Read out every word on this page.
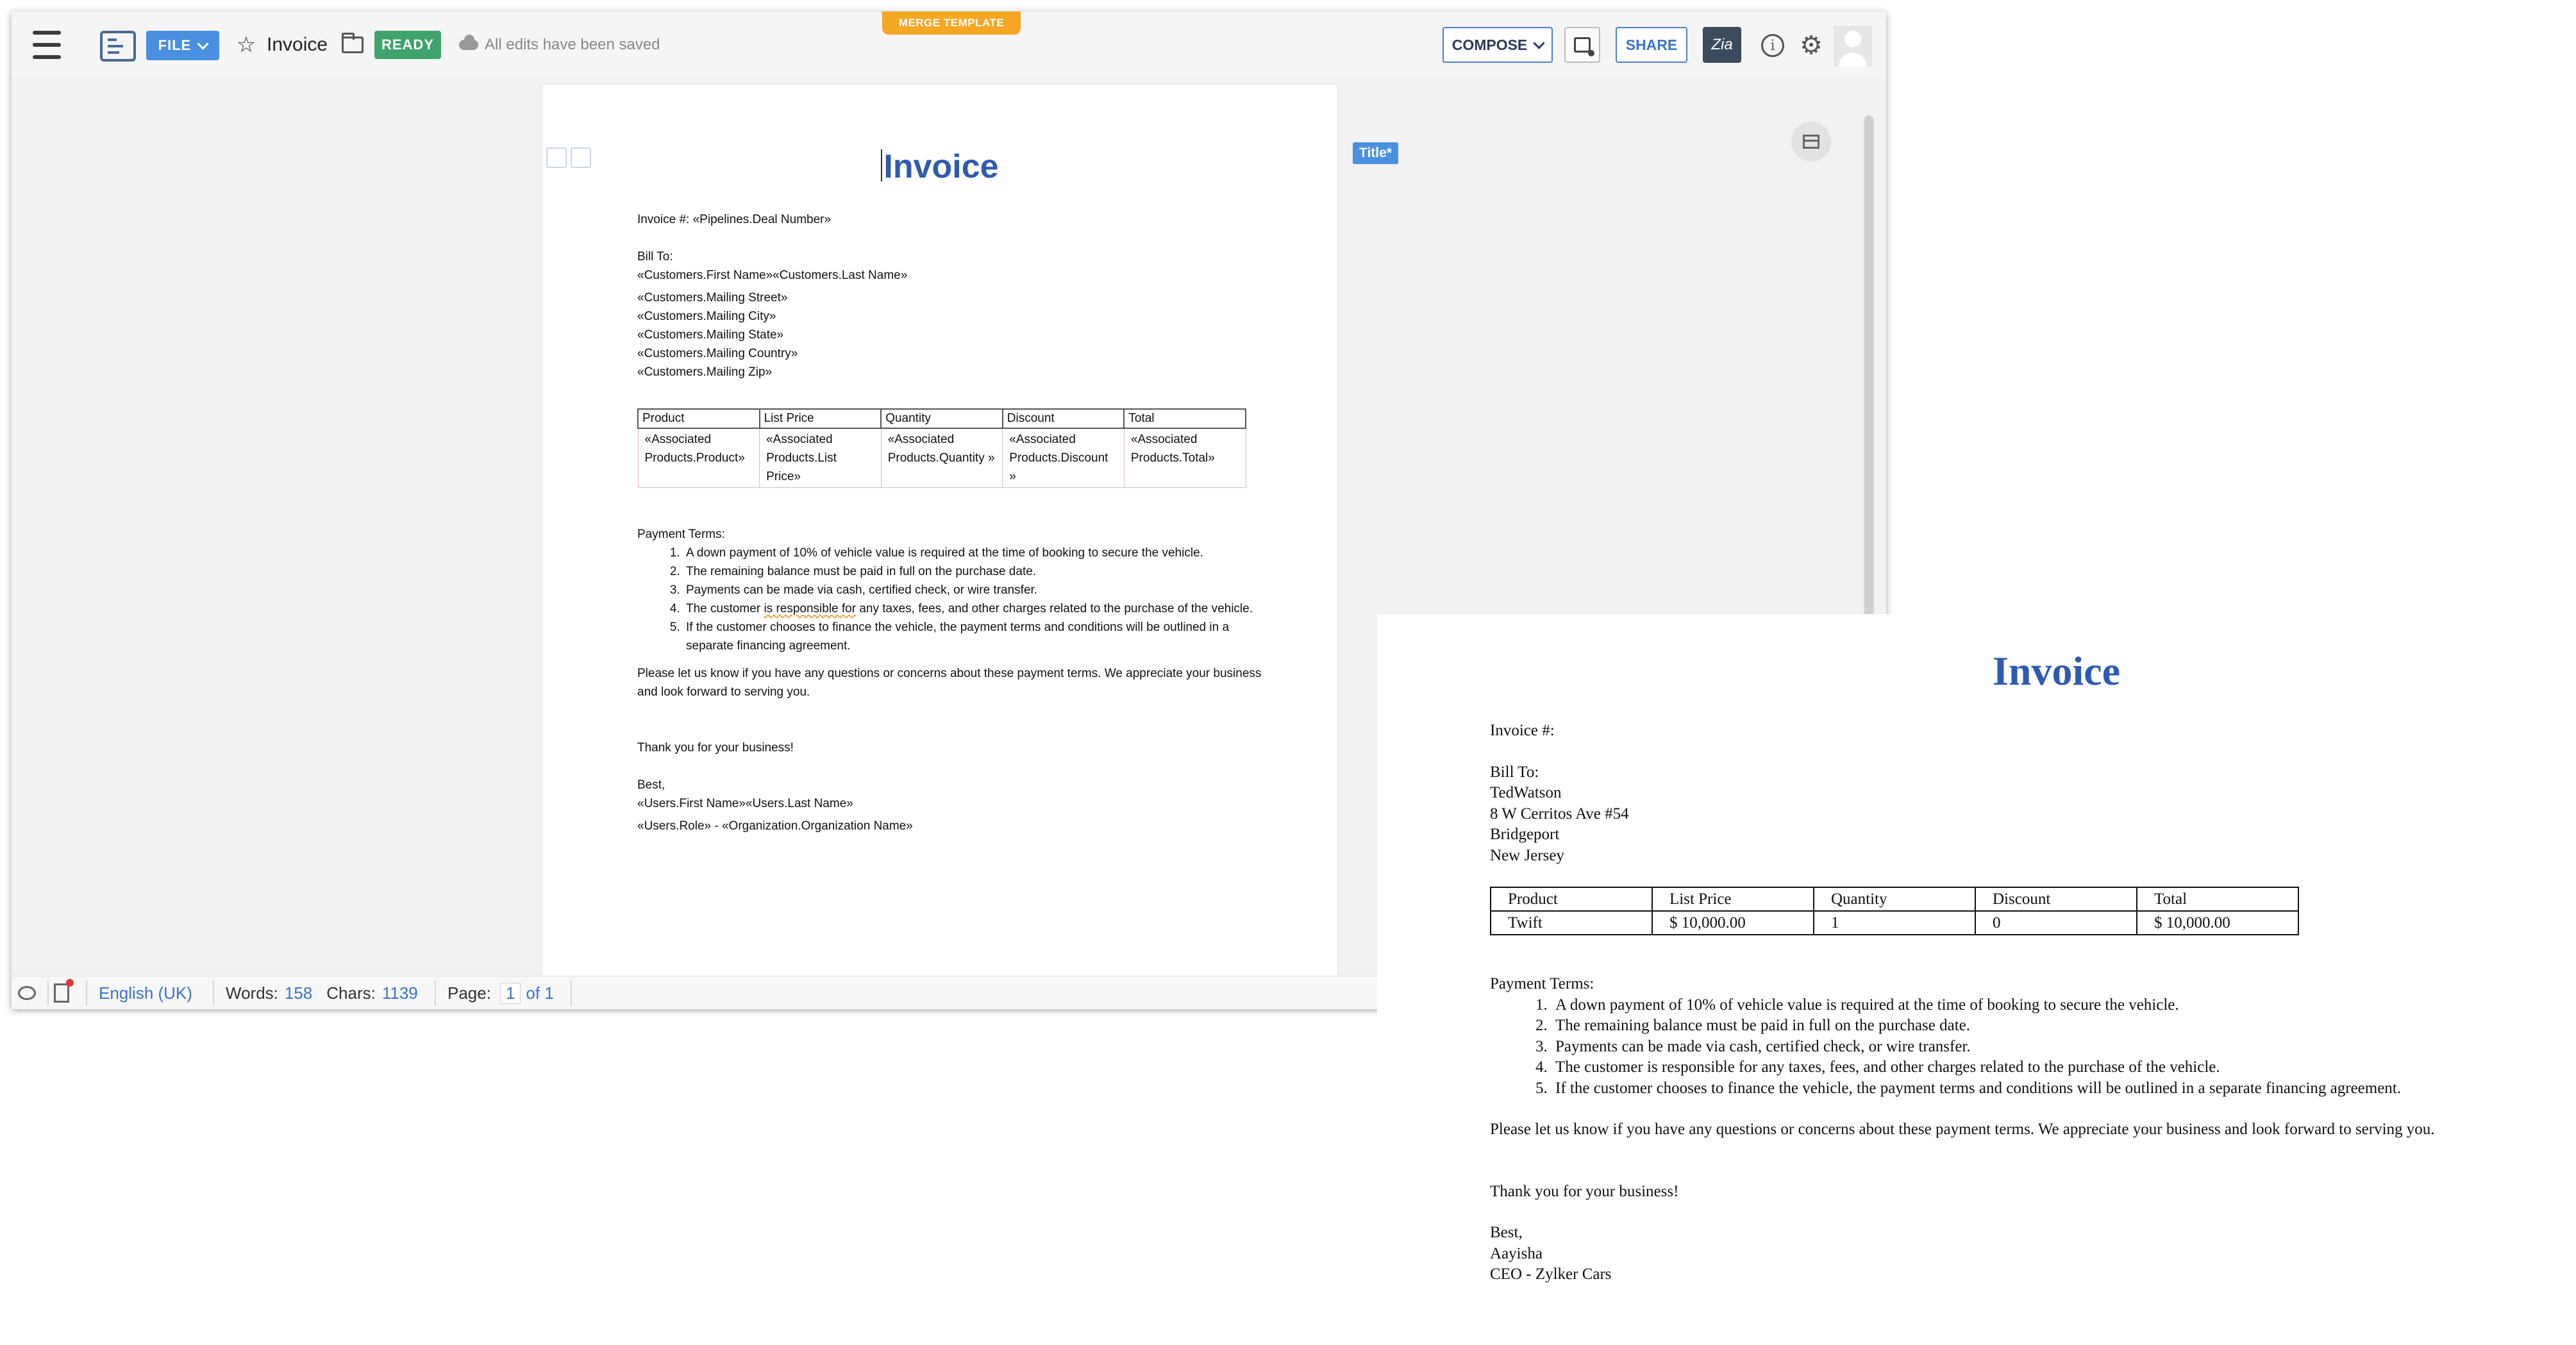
FILE ☆ Invoice	READY	All edits have been saved
MERGE TEMPLATE
COMPOSE	SHARE	Zia	i ⚙
Invoice

Invoice #: «Pipelines.Deal Number»

Bill To:

«Customers.First Name»«Customers.Last Name»

«Customers.Mailing Street»

«Customers.Mailing City»

«Customers.Mailing State»

«Customers.Mailing Country»

«Customers.Mailing Zip»

Product	List Price	Quantity	Discount	Total
«Associated Products.Product»	«Associated Products.List Price»	«Associated Products.Quantity »	«Associated Products.Discount »	«Associated Products.Total»

Payment Terms:

1. A down payment of 10% of vehicle value is required at the time of booking to secure the vehicle.
2. The remaining balance must be paid in full on the purchase date.
3. Payments can be made via cash, certified check, or wire transfer.
4. The customer is responsible for any taxes, fees, and other charges related to the purchase of the vehicle.
5. If the customer chooses to finance the vehicle, the payment terms and conditions will be outlined in a separate financing agreement.

Please let us know if you have any questions or concerns about these payment terms. We appreciate your business and look forward to serving you.

Thank you for your business!

Best,

«Users.First Name»«Users.Last Name»

«Users.Role» - «Organization.Organization Name»

Title*
English (UK) Words: 158 Chars: 1139 Page: 1 of 1
Invoice

Invoice #:

Bill To:

TedWatson

8 W Cerritos Ave #54

Bridgeport

New Jersey

Product	List Price	Quantity	Discount	Total
Twift	$ 10,000.00	1	0	$ 10,000.00

Payment Terms:

1. A down payment of 10% of vehicle value is required at the time of booking to secure the vehicle.
2. The remaining balance must be paid in full on the purchase date.
3. Payments can be made via cash, certified check, or wire transfer.
4. The customer is responsible for any taxes, fees, and other charges related to the purchase of the vehicle.
5. If the customer chooses to finance the vehicle, the payment terms and conditions will be outlined in a separate financing agreement.

Please let us know if you have any questions or concerns about these payment terms. We appreciate your business and look forward to serving you.

Thank you for your business!

Best,

Aayisha

CEO - Zylker Cars
